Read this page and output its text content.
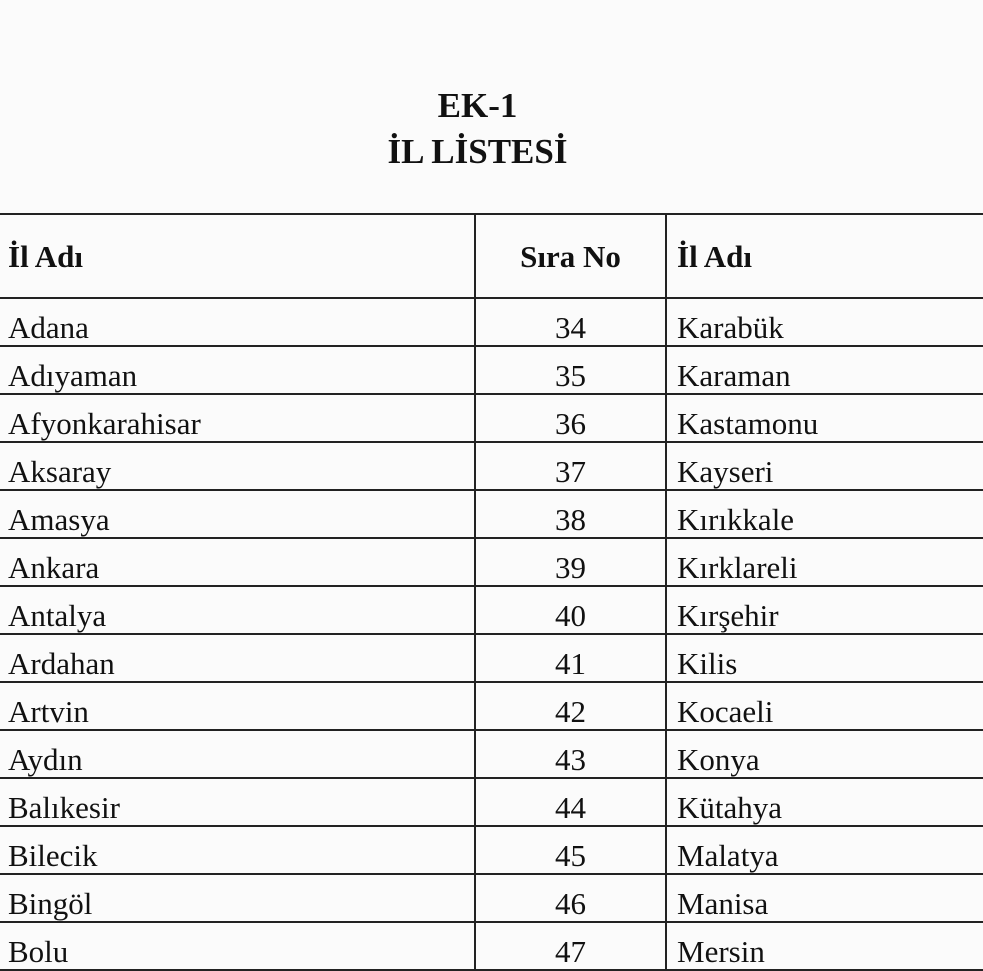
EK-1
İL LİSTESİ
İl Adı	Sıra No	İl Adı
Adana	34	Karabük
Adıyaman	35	Karaman
Afyonkarahisar	36	Kastamonu
Aksaray	37	Kayseri
Amasya	38	Kırıkkale
Ankara	39	Kırklareli
Antalya	40	Kırşehir
Ardahan	41	Kilis
Artvin	42	Kocaeli
Aydın	43	Konya
Balıkesir	44	Kütahya
Bilecik	45	Malatya
Bingöl	46	Manisa
Bolu	47	Mersin
